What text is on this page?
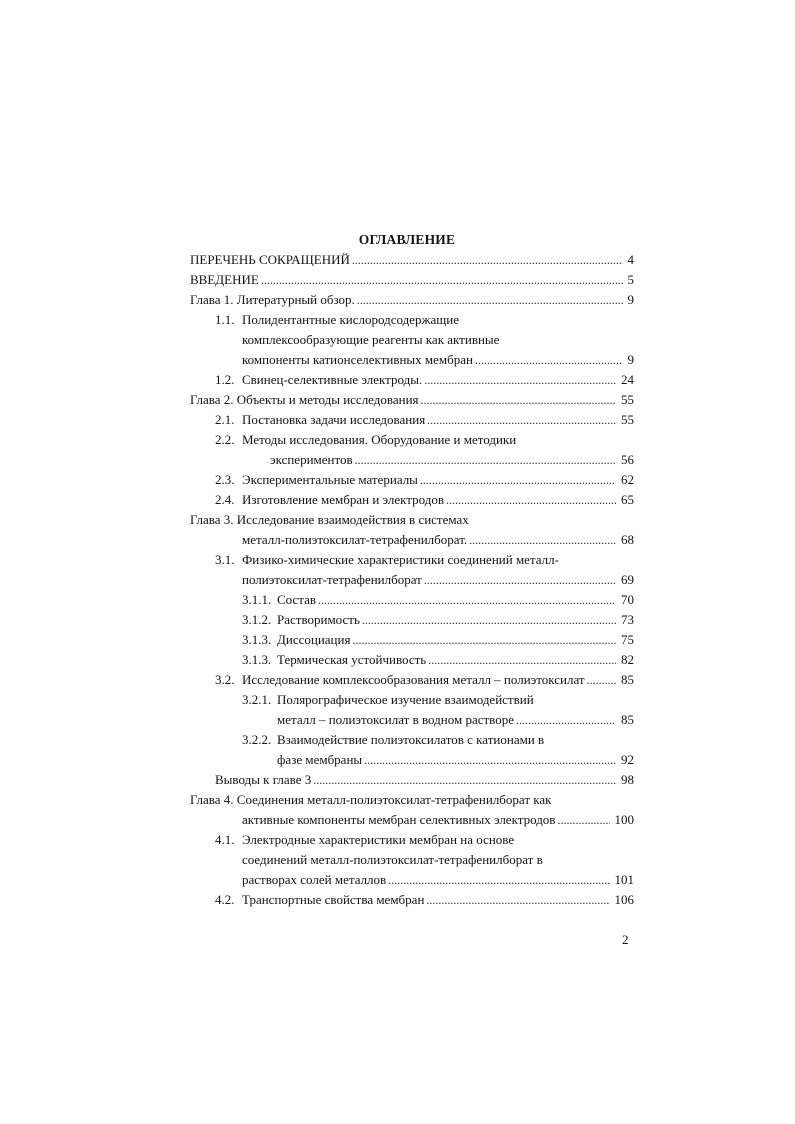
ОГЛАВЛЕНИЕ
ПЕРЕЧЕНЬ СОКРАЩЕНИЙ .....	4
ВВЕДЕНИЕ .....	5
Глава 1. Литературный обзор. .....	9
1.1. Полидентантные кислородсодержащие
комплексообразующие реагенты как активные
компоненты катионселективных мембран .....	9
1.2. Свинец-селективные электроды. .....	24
Глава 2. Объекты и методы исследования .....	55
2.1. Постановка задачи исследования .....	55
2.2. Методы исследования. Оборудование и методики
экспериментов .....	56
2.3. Экспериментальные материалы .....	62
2.4. Изготовление мембран и электродов .....	65
Глава 3. Исследование взаимодействия в системах
металл-полиэтоксилат-тетрафенилборат. .....	68
3.1. Физико-химические характеристики соединений металл-
полиэтоксилат-тетрафенилборат .....	69
3.1.1. Состав .....	70
3.1.2. Растворимость .....	73
3.1.3. Диссоциация .....	75
3.1.3. Термическая устойчивость .....	82
3.2. Исследование комплексообразования металл – полиэтоксилат .....	85
3.2.1. Полярографическое изучение взаимодействий
металл – полиэтоксилат в водном растворе .....	85
3.2.2. Взаимодействие полиэтоксилатов с катионами в
фазе мембраны .....	92
Выводы к главе 3 .....	98
Глава 4. Соединения металл-полиэтоксилат-тетрафенилборат как
активные компоненты мембран селективных электродов .....	100
4.1. Электродные характеристики мембран на основе
соединений металл-полиэтоксилат-тетрафенилборат в
растворах солей металлов .....	101
4.2. Транспортные свойства мембран .....	106
2
